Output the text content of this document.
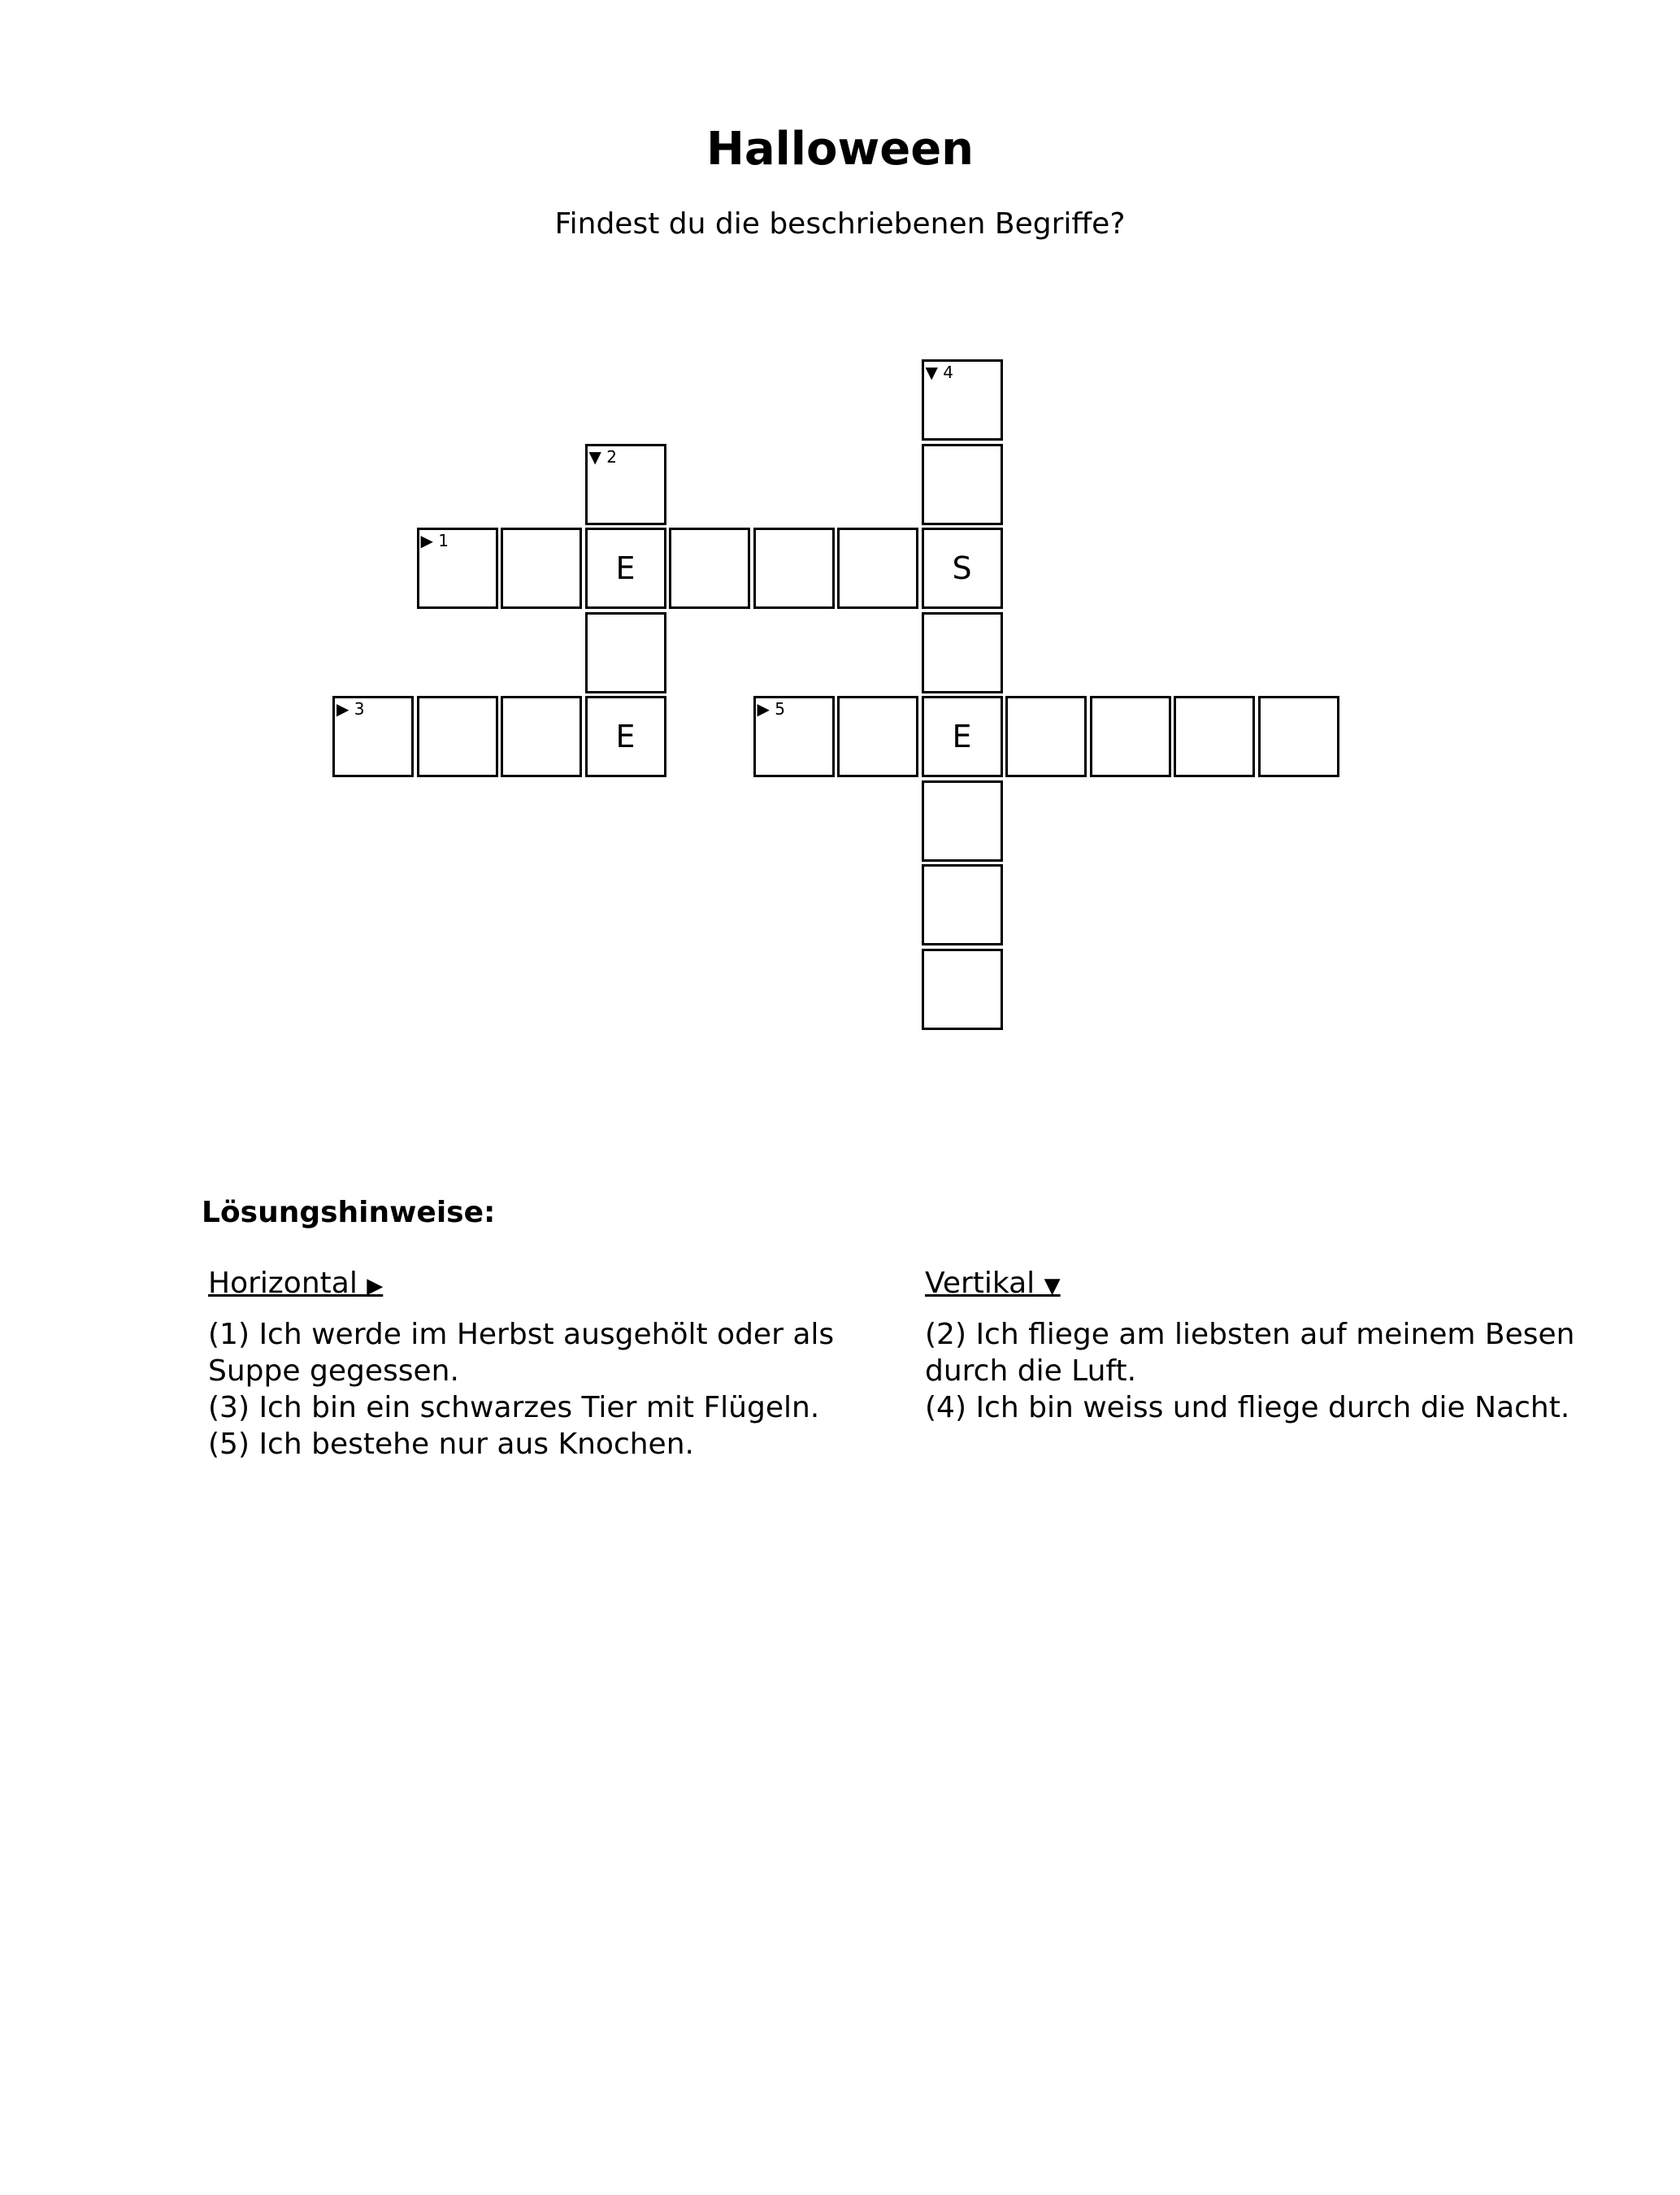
Halloween
Findest du die beschriebenen Begriffe?
▶ 1
E	S
▼ 2
E
▶ 3
▼ 4
E
▶ 5
Lösungshinweise:
Horizontal ▶

(1) Ich werde im Herbst ausgehölt oder als Suppe gegessen.

(3) Ich bin ein schwarzes Tier mit Flügeln.

(5) Ich bestehe nur aus Knochen.

Vertikal ▼

(2) Ich fliege am liebsten auf meinem Besen durch die Luft.

(4) Ich bin weiss und fliege durch die Nacht.
